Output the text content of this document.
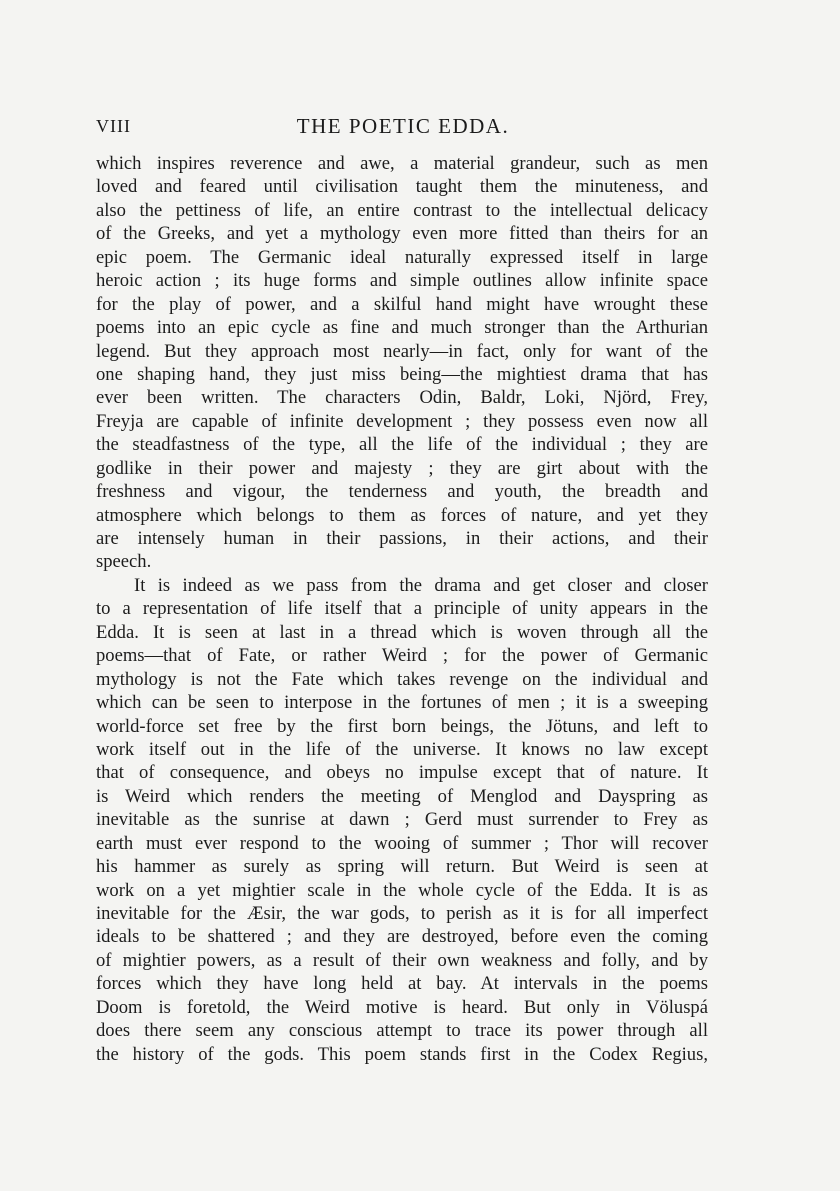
VIII	THE POETIC EDDA.
which inspires reverence and awe, a material grandeur, such as men
loved and feared until civilisation taught them the minuteness, and
also the pettiness of life, an entire contrast to the intellectual delicacy
of the Greeks, and yet a mythology even more fitted than theirs for an
epic poem. The Germanic ideal naturally expressed itself in large
heroic action ; its huge forms and simple outlines allow infinite space
for the play of power, and a skilful hand might have wrought these
poems into an epic cycle as fine and much stronger than the Arthurian
legend. But they approach most nearly—in fact, only for want of the
one shaping hand, they just miss being—the mightiest drama that has
ever been written. The characters Odin, Baldr, Loki, Njörd, Frey,
Freyja are capable of infinite development ; they possess even now all
the steadfastness of the type, all the life of the individual ; they are
godlike in their power and majesty ; they are girt about with the
freshness and vigour, the tenderness and youth, the breadth and
atmosphere which belongs to them as forces of nature, and yet they
are intensely human in their passions, in their actions, and their
speech.
It is indeed as we pass from the drama and get closer and closer
to a representation of life itself that a principle of unity appears in the
Edda. It is seen at last in a thread which is woven through all the
poems—that of Fate, or rather Weird ; for the power of Germanic
mythology is not the Fate which takes revenge on the individual and
which can be seen to interpose in the fortunes of men ; it is a sweeping
world-force set free by the first born beings, the Jötuns, and left to
work itself out in the life of the universe. It knows no law except
that of consequence, and obeys no impulse except that of nature. It
is Weird which renders the meeting of Menglod and Dayspring as
inevitable as the sunrise at dawn ; Gerd must surrender to Frey as
earth must ever respond to the wooing of summer ; Thor will recover
his hammer as surely as spring will return. But Weird is seen at
work on a yet mightier scale in the whole cycle of the Edda. It is as
inevitable for the Æsir, the war gods, to perish as it is for all imperfect
ideals to be shattered ; and they are destroyed, before even the coming
of mightier powers, as a result of their own weakness and folly, and by
forces which they have long held at bay. At intervals in the poems
Doom is foretold, the Weird motive is heard. But only in Völuspá
does there seem any conscious attempt to trace its power through all
the history of the gods. This poem stands first in the Codex Regius,
